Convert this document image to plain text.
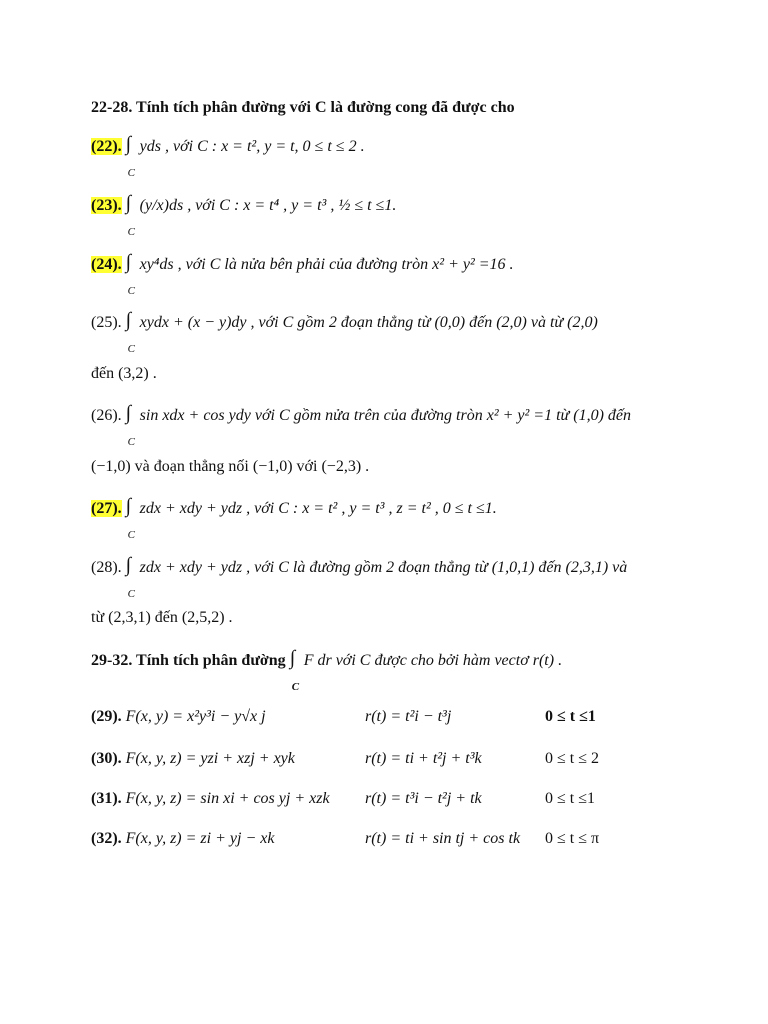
22-28. Tính tích phân đường với C là đường cong đã được cho
(22). ∫
C
yds , với C : x = t², y = t, 0 ≤ t ≤ 2 .
(23). ∫
C
(y/x)ds , với C : x = t⁴ , y = t³ , ½ ≤ t ≤1.
(24). ∫
C
xy⁴ds , với C là nửa bên phải của đường tròn x² + y² =16 .
(25). ∫
C
xydx + (x − y)dy , với C gồm 2 đoạn thẳng từ (0,0) đến (2,0) và từ (2,0)
đến (3,2) .
(26). ∫
C
sin xdx + cos ydy với C gồm nửa trên của đường tròn x² + y² =1 từ (1,0) đến
(−1,0) và đoạn thẳng nối (−1,0) với (−2,3) .
(27). ∫
C
zdx + xdy + ydz , với C : x = t² , y = t³ , z = t² , 0 ≤ t ≤1.
(28). ∫
C
zdx + xdy + ydz , với C là đường gồm 2 đoạn thẳng từ (1,0,1) đến (2,3,1) và
từ (2,3,1) đến (2,5,2) .
29-32. Tính tích phân đường ∫
C
F dr với C được cho bởi hàm vectơ r(t) .
(29). F(x, y) = x²y³i − y√x j	r(t) = t²i − t³j	0 ≤ t ≤1
(30). F(x, y, z) = yzi + xzj + xyk	r(t) = ti + t²j + t³k	0 ≤ t ≤ 2
(31). F(x, y, z) = sin xi + cos yj + xzk r(t) = t³i − t²j + tk	0 ≤ t ≤1
(32). F(x, y, z) = zi + yj − xk	r(t) = ti + sin tj + cos tk 0 ≤ t ≤ π
